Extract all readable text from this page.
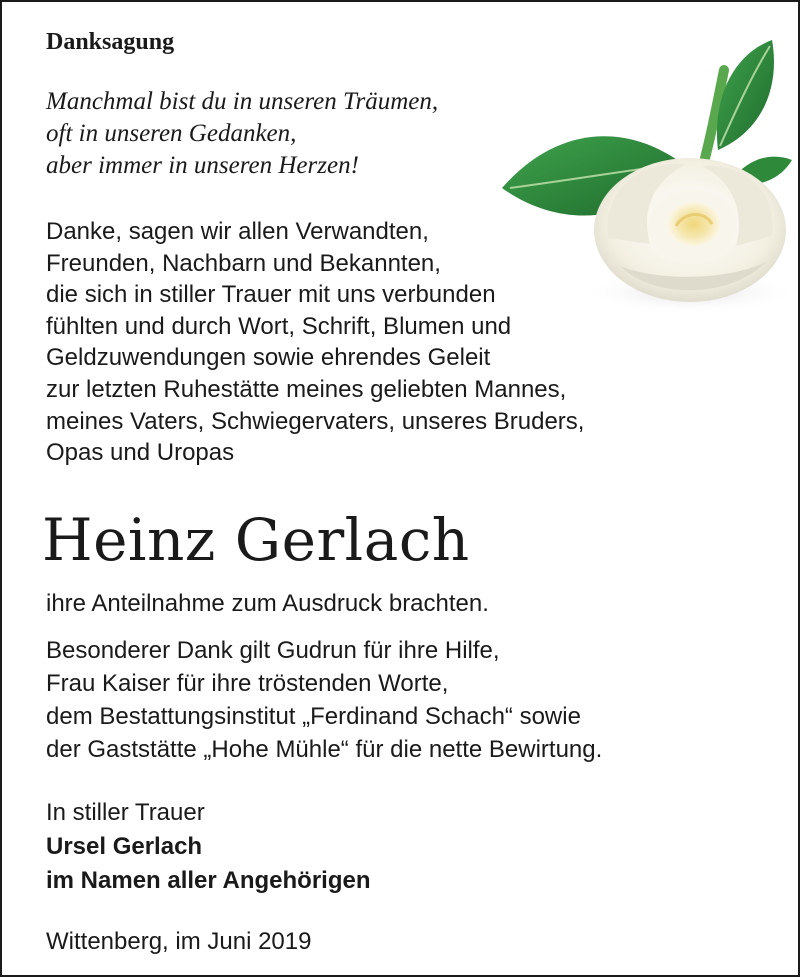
Danksagung
Manchmal bist du in unseren Träumen,
oft in unseren Gedanken,
aber immer in unseren Herzen!
Danke, sagen wir allen Verwandten,
Freunden, Nachbarn und Bekannten,
die sich in stiller Trauer mit uns verbunden
fühlten und durch Wort, Schrift, Blumen und
Geldzuwendungen sowie ehrendes Geleit
zur letzten Ruhestätte meines geliebten Mannes,
meines Vaters, Schwiegervaters, unseres Bruders,
Opas und Uropas
Heinz Gerlach
ihre Anteilnahme zum Ausdruck brachten.
Besonderer Dank gilt Gudrun für ihre Hilfe,
Frau Kaiser für ihre tröstenden Worte,
dem Bestattungsinstitut „Ferdinand Schach“ sowie
der Gaststätte „Hohe Mühle“ für die nette Bewirtung.
In stiller Trauer
Ursel Gerlach
im Namen aller Angehörigen
Wittenberg, im Juni 2019
